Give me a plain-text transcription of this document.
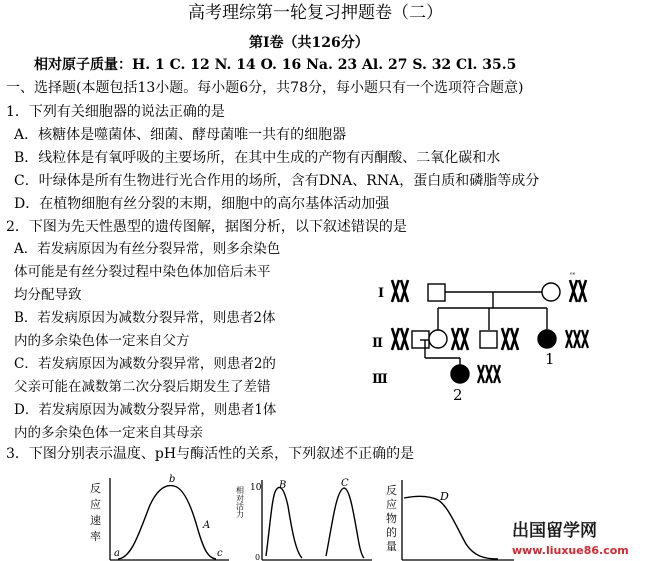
高考理综第一轮复习押题卷（二）
第Ⅰ卷（共126分）
相对原子质量：H. 1 C. 12 N. 14 O. 16 Na. 23 Al. 27 S. 32 Cl. 35.5
一、选择题(本题包括13小题。每小题6分，共78分，每小题只有一个选项符合题意)
1．下列有关细胞器的说法正确的是
A．核糖体是噬菌体、细菌、酵母菌唯一共有的细胞器
B．线粒体是有氧呼吸的主要场所，在其中生成的产物有丙酮酸、二氧化碳和水
C．叶绿体是所有生物进行光合作用的场所，含有DNA、RNA，蛋白质和磷脂等成分
D．在植物细胞有丝分裂的末期，细胞中的高尔基体活动加强
2．下图为先天性愚型的遗传图解，据图分析，以下叙述错误的是
A．若发病原因为有丝分裂异常，则多余染色
体可能是有丝分裂过程中染色体加倍后未平
均分配导致
B．若发病原因为减数分裂异常，则患者2体
内的多余染色体一定来自父方
C．若发病原因为减数分裂异常，则患者2的
父亲可能在减数第二次分裂后期发生了差错
D．若发病原因为减数分裂异常，则患者1体
内的多余染色体一定来自其母亲
Ⅰ
Ⅱ
Ⅲ
ᵉᵉ
1
2
3．下图分别表示温度、pH与酶活性的关系，下列叙述不正确的是
反
应
速
率
b
A
a	c
相对活力 10
0
B	C
反
应
物
的
量
D
出国留学网
www.liuxue86.com
